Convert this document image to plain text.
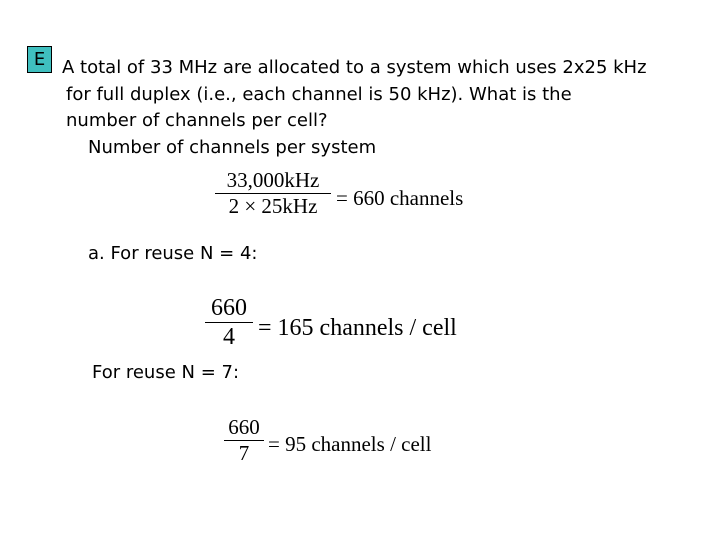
E A total of 33 MHz are allocated to a system which uses 2x25 kHz
for full duplex (i.e., each channel is 50 kHz). What is the
number of channels per cell?
Number of channels per system
33,000kHz
2 × 25kHz = 660 channels
a. For reuse N = 4:
660
4 = 165 channels / cell
For reuse N = 7:
660
7 = 95 channels / cell
